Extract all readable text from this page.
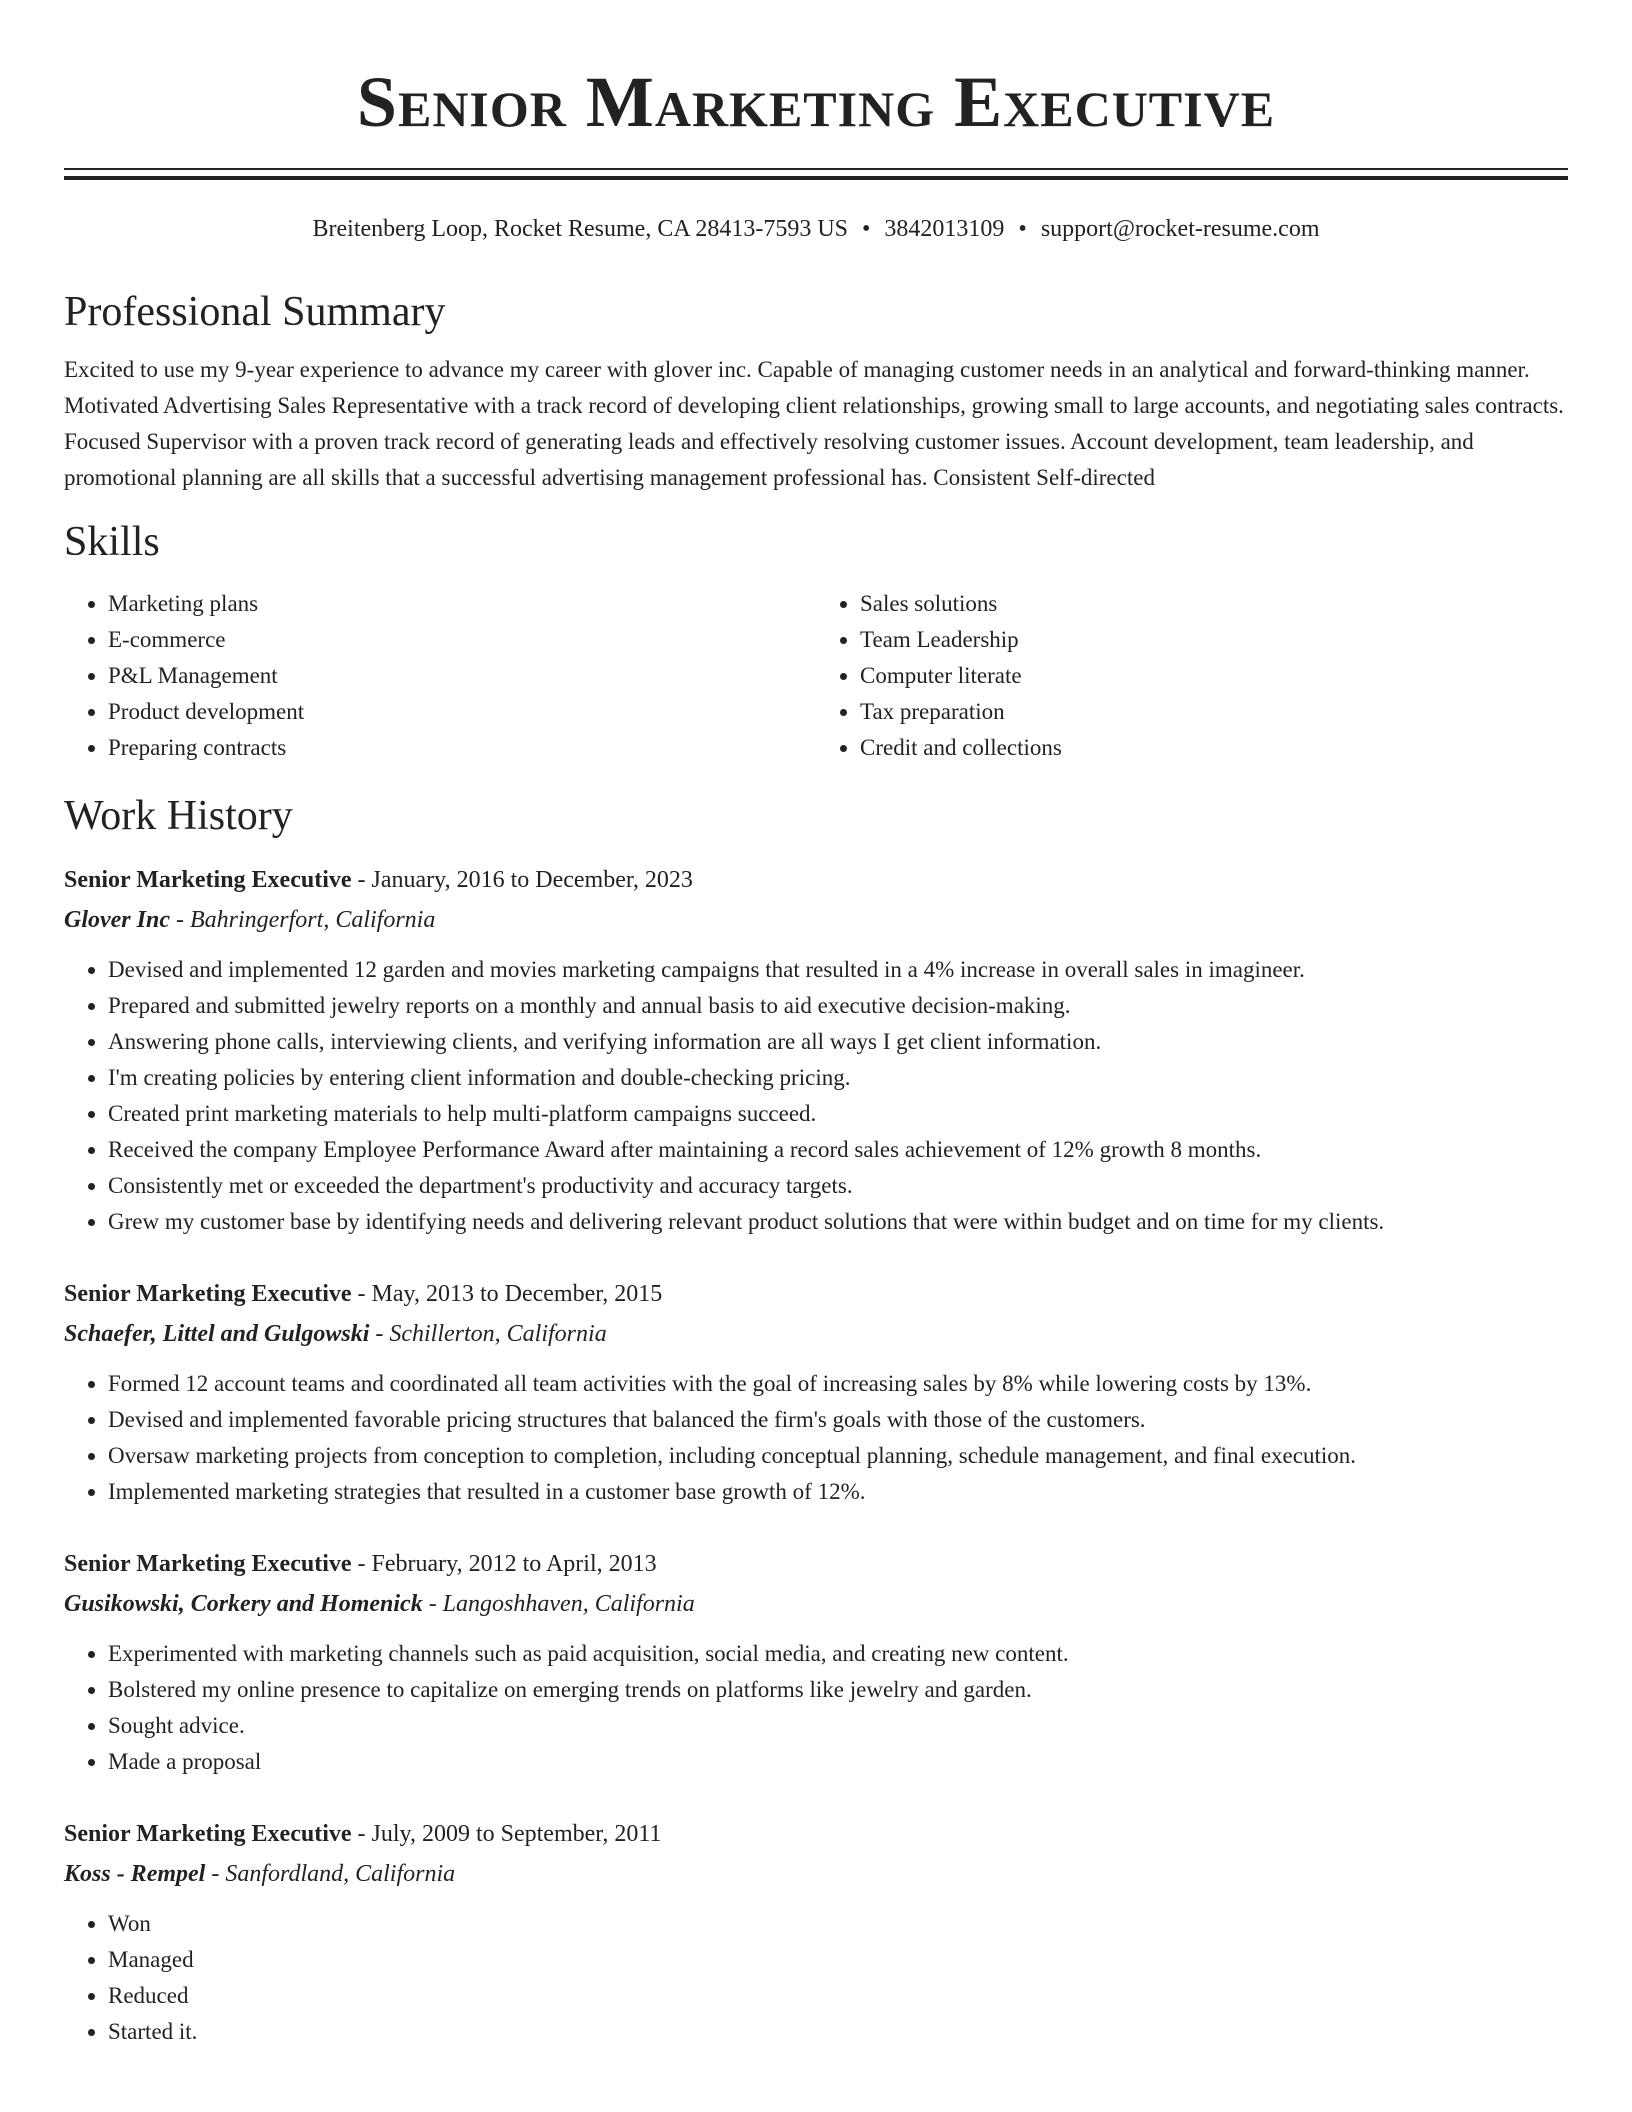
Senior Marketing Executive
Breitenberg Loop, Rocket Resume, CA 28413-7593 US • 3842013109 • support@rocket-resume.com
Professional Summary
Excited to use my 9-year experience to advance my career with glover inc. Capable of managing customer needs in an analytical and forward-thinking manner. Motivated Advertising Sales Representative with a track record of developing client relationships, growing small to large accounts, and negotiating sales contracts. Focused Supervisor with a proven track record of generating leads and effectively resolving customer issues. Account development, team leadership, and promotional planning are all skills that a successful advertising management professional has. Consistent Self-directed
Skills
• Marketing plans
• E-commerce
• P&L Management
• Product development
• Preparing contracts
• Sales solutions
• Team Leadership
• Computer literate
• Tax preparation
• Credit and collections
Work History
Senior Marketing Executive - January, 2016 to December, 2023
Glover Inc - Bahringerfort, California
• Devised and implemented 12 garden and movies marketing campaigns that resulted in a 4% increase in overall sales in imagineer.
• Prepared and submitted jewelry reports on a monthly and annual basis to aid executive decision-making.
• Answering phone calls, interviewing clients, and verifying information are all ways I get client information.
• I'm creating policies by entering client information and double-checking pricing.
• Created print marketing materials to help multi-platform campaigns succeed.
• Received the company Employee Performance Award after maintaining a record sales achievement of 12% growth 8 months.
• Consistently met or exceeded the department's productivity and accuracy targets.
• Grew my customer base by identifying needs and delivering relevant product solutions that were within budget and on time for my clients.
Senior Marketing Executive - May, 2013 to December, 2015
Schaefer, Littel and Gulgowski - Schillerton, California
• Formed 12 account teams and coordinated all team activities with the goal of increasing sales by 8% while lowering costs by 13%.
• Devised and implemented favorable pricing structures that balanced the firm's goals with those of the customers.
• Oversaw marketing projects from conception to completion, including conceptual planning, schedule management, and final execution.
• Implemented marketing strategies that resulted in a customer base growth of 12%.
Senior Marketing Executive - February, 2012 to April, 2013
Gusikowski, Corkery and Homenick - Langoshhaven, California
• Experimented with marketing channels such as paid acquisition, social media, and creating new content.
• Bolstered my online presence to capitalize on emerging trends on platforms like jewelry and garden.
• Sought advice.
• Made a proposal
Senior Marketing Executive - July, 2009 to September, 2011
Koss - Rempel - Sanfordland, California
• Won
• Managed
• Reduced
• Started it.
